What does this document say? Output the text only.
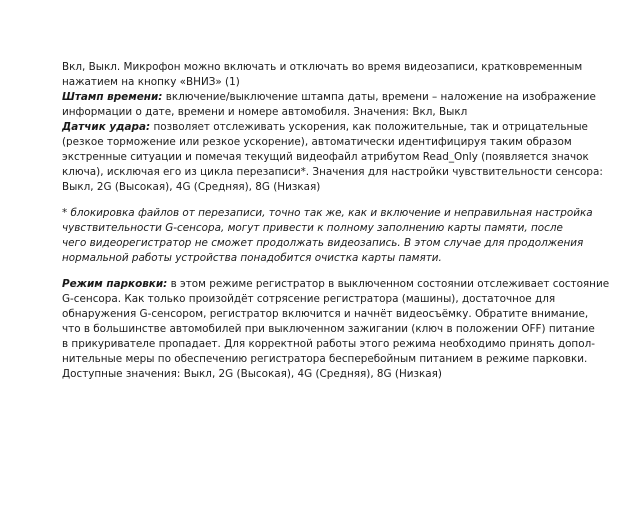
Вкл, Выкл. Микрофон можно включать и отключать во время видеозаписи, кратковременным
нажатием на кнопку «ВНИЗ» (1)
Штамп времени: включение/выключение штампа даты, времени – наложение на изображение
информации о дате, времени и номере автомобиля. Значения: Вкл, Выкл
Датчик удара: позволяет отслеживать ускорения, как положительные, так и отрицательные
(резкое торможение или резкое ускорение), автоматически идентифицируя таким образом
экстренные ситуации и помечая текущий видеофайл атрибутом Read_Only (появляется значок
ключа), исключая его из цикла перезаписи*. Значения для настройки чувствительности сенсора:
Выкл, 2G (Высокая), 4G (Средняя), 8G (Низкая)
* блокировка файлов от перезаписи, точно так же, как и включение и неправильная настройка
чувствительности G-сенсора, могут привести к полному заполнению карты памяти, после
чего видеорегистратор не сможет продолжать видеозапись. В этом случае для продолжения
нормальной работы устройства понадобится очистка карты памяти.
Режим парковки: в этом режиме регистратор в выключенном состоянии отслеживает состояние
G-сенсора. Как только произойдёт сотрясение регистратора (машины), достаточное для
обнаружения G-сенсором, регистратор включится и начнёт видеосъёмку. Обратите внимание,
что в большинстве автомобилей при выключенном зажигании (ключ в положении OFF) питание
в прикуривателе пропадает. Для корректной работы этого режима необходимо принять допол-
нительные меры по обеспечению регистратора бесперебойным питанием в режиме парковки.
Доступные значения: Выкл, 2G (Высокая), 4G (Средняя), 8G (Низкая)
